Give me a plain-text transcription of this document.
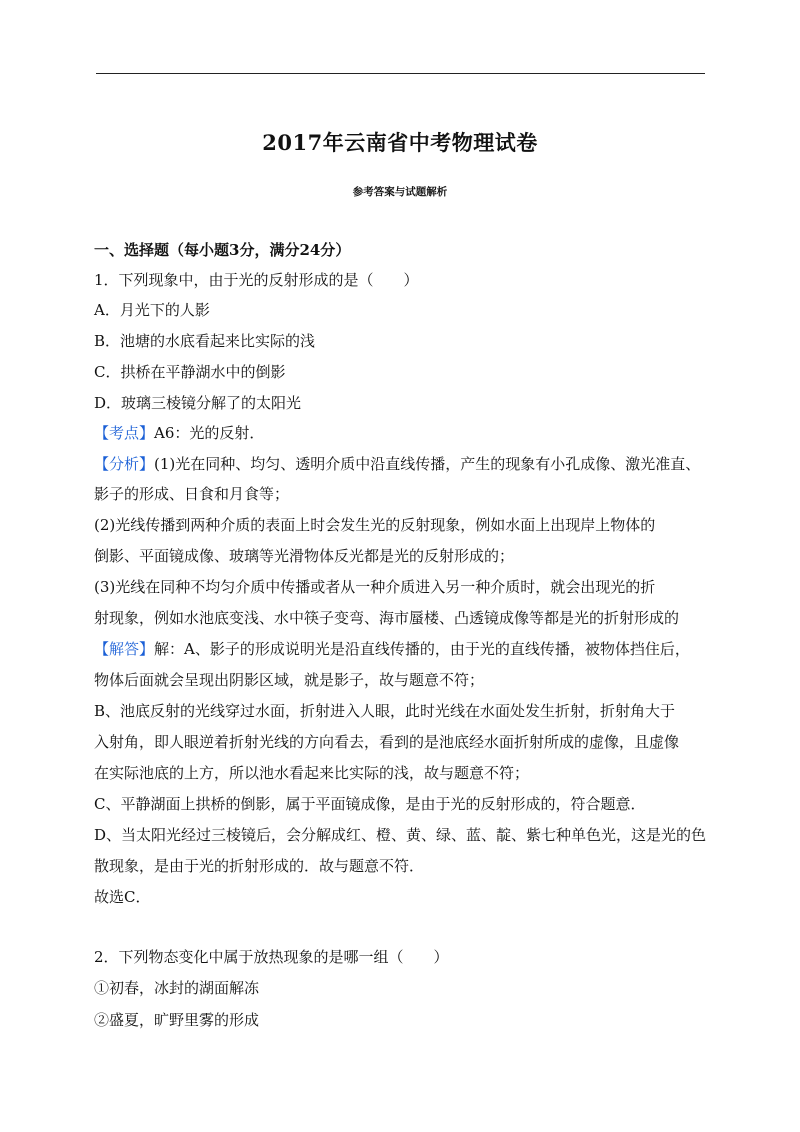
2017年云南省中考物理试卷
参考答案与试题解析
一、选择题（每小题3分，满分24分）
1．下列现象中，由于光的反射形成的是（　　）
A．月光下的人影
B．池塘的水底看起来比实际的浅
C．拱桥在平静湖水中的倒影
D．玻璃三棱镜分解了的太阳光
【考点】A6：光的反射．
【分析】(1)光在同种、均匀、透明介质中沿直线传播，产生的现象有小孔成像、激光准直、
影子的形成、日食和月食等；
(2)光线传播到两种介质的表面上时会发生光的反射现象，例如水面上出现岸上物体的
倒影、平面镜成像、玻璃等光滑物体反光都是光的反射形成的；
(3)光线在同种不均匀介质中传播或者从一种介质进入另一种介质时，就会出现光的折
射现象，例如水池底变浅、水中筷子变弯、海市蜃楼、凸透镜成像等都是光的折射形成的
【解答】解：A、影子的形成说明光是沿直线传播的，由于光的直线传播，被物体挡住后，
物体后面就会呈现出阴影区域，就是影子，故与题意不符；
B、池底反射的光线穿过水面，折射进入人眼，此时光线在水面处发生折射，折射角大于
入射角，即人眼逆着折射光线的方向看去，看到的是池底经水面折射所成的虚像，且虚像
在实际池底的上方，所以池水看起来比实际的浅，故与题意不符；
C、平静湖面上拱桥的倒影，属于平面镜成像，是由于光的反射形成的，符合题意．
D、当太阳光经过三棱镜后，会分解成红、橙、黄、绿、蓝、靛、紫七种单色光，这是光的色
散现象，是由于光的折射形成的．故与题意不符．
故选C．
2．下列物态变化中属于放热现象的是哪一组（　　）
①初春，冰封的湖面解冻
②盛夏，旷野里雾的形成
